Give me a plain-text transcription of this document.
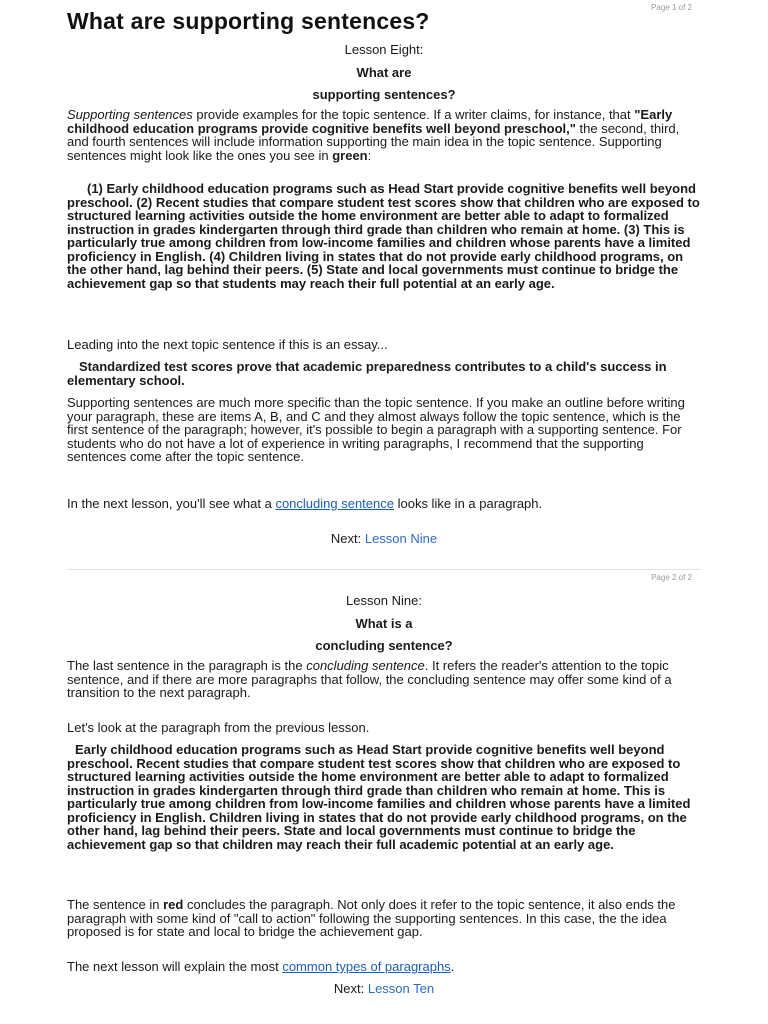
Page 1 of 2
What are supporting sentences?

Lesson Eight:

What are

supporting sentences?

Supporting sentences provide examples for the topic sentence. If a writer claims, for instance, that "Early childhood education programs provide cognitive benefits well beyond preschool," the second, third, and fourth sentences will include information supporting the main idea in the topic sentence. Supporting sentences might look like the ones you see in green:

(1) Early childhood education programs such as Head Start provide cognitive benefits well beyond preschool. (2) Recent studies that compare student test scores show that children who are exposed to structured learning activities outside the home environment are better able to adapt to formalized instruction in grades kindergarten through third grade than children who remain at home. (3) This is particularly true among children from low-income families and children whose parents have a limited proficiency in English. (4) Children living in states that do not provide early childhood programs, on the other hand, lag behind their peers. (5) State and local governments must continue to bridge the achievement gap so that students may reach their full potential at an early age.
Leading into the next topic sentence if this is an essay...
Standardized test scores prove that academic preparedness contributes to a child's success in elementary school.
Supporting sentences are much more specific than the topic sentence. If you make an outline before writing your paragraph, these are items A, B, and C and they almost always follow the topic sentence, which is the first sentence of the paragraph; however, it's possible to begin a paragraph with a supporting sentence. For students who do not have a lot of experience in writing paragraphs, I recommend that the supporting sentences come after the topic sentence.
In the next lesson, you'll see what a concluding sentence looks like in a paragraph.
Next: Lesson Nine
Page 2 of 2

Lesson Nine:

What is a

concluding sentence?

The last sentence in the paragraph is the concluding sentence. It refers the reader's attention to the topic sentence, and if there are more paragraphs that follow, the concluding sentence may offer some kind of a transition to the next paragraph.
Let's look at the paragraph from the previous lesson.
Early childhood education programs such as Head Start provide cognitive benefits well beyond preschool. Recent studies that compare student test scores show that children who are exposed to structured learning activities outside the home environment are better able to adapt to formalized instruction in grades kindergarten through third grade than children who remain at home. This is particularly true among children from low-income families and children whose parents have a limited proficiency in English. Children living in states that do not provide early childhood programs, on the other hand, lag behind their peers. State and local governments must continue to bridge the achievement gap so that children may reach their full academic potential at an early age.
The sentence in red concludes the paragraph. Not only does it refer to the topic sentence, it also ends the paragraph with some kind of "call to action" following the supporting sentences. In this case, the the idea proposed is for state and local to bridge the achievement gap.
The next lesson will explain the most common types of paragraphs.
Next: Lesson Ten
